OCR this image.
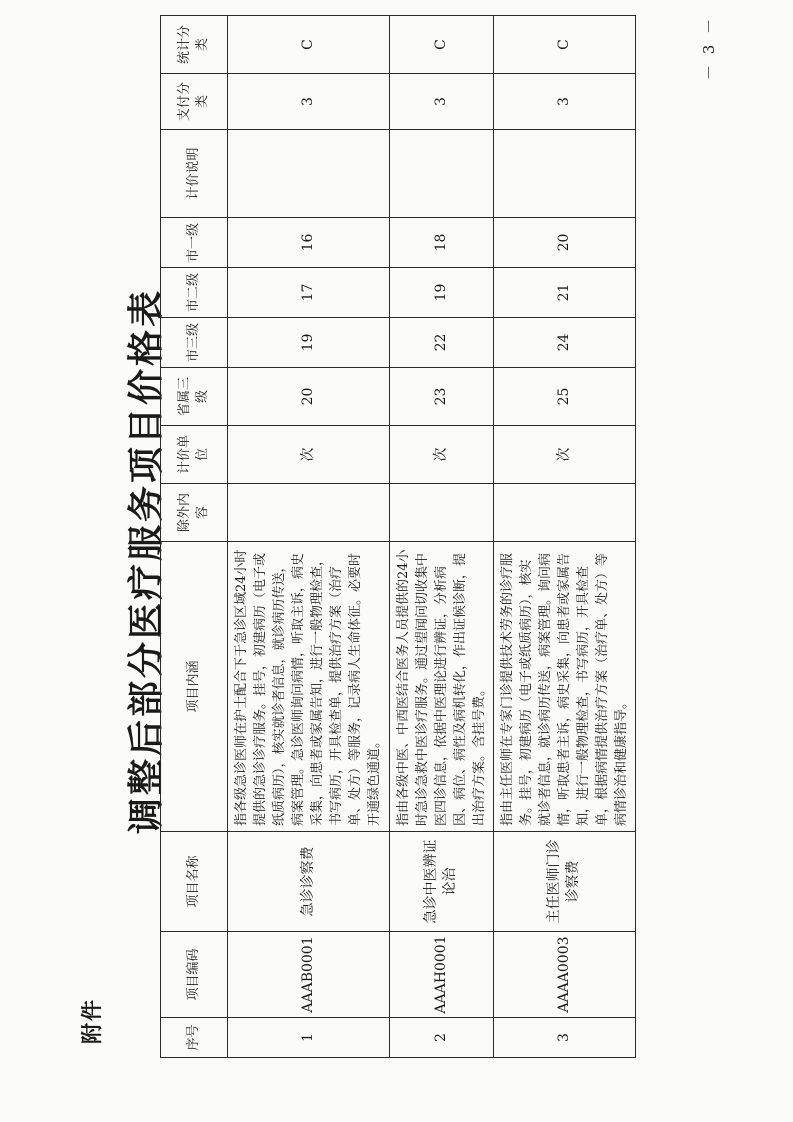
附件
调整后部分医疗服务项目价格表
序号	项目编码	项目名称	项目内涵	除外内容	计价单位	省属三级	市三级	市二级	市一级	计价说明	支付分类	统计分类
1	AAAB0001	急诊诊察费	指各级急诊医师在护士配合下于急诊区域24小时提供的急诊诊疗服务。挂号，初建病历（电子或纸质病历），核实就诊者信息，就诊病历传送，病案管理。急诊医师询问病情，听取主诉，病史采集，向患者或家属告知，进行一般物理检查，书写病历，开具检查单，提供治疗方案（治疗单、处方）等服务，记录病人生命体征。必要时开通绿色通道。		次	20	19	17	16		3	C
2	AAAH0001	急诊中医辨证论治	指由各级中医、中西医结合医务人员提供的24小时急诊急救中医诊疗服务。通过望闻问切收集中医四诊信息，依据中医理论进行辨证，分析病因、病位、病性及病机转化，作出证候诊断，提出治疗方案。含挂号费。		次	23	22	19	18		3	C
3	AAAA0003	主任医师门诊诊察费	指由主任医师在专家门诊提供技术劳务的诊疗服务。挂号，初建病历（电子或纸质病历），核实就诊者信息，就诊病历传送，病案管理。询问病情，听取患者主诉，病史采集，向患者或家属告知，进行一般物理检查，书写病历，开具检查单，根据病情提供治疗方案（治疗单、处方）等病情诊治和健康指导。		次	25	24	21	20		3	C	－ 3 －
